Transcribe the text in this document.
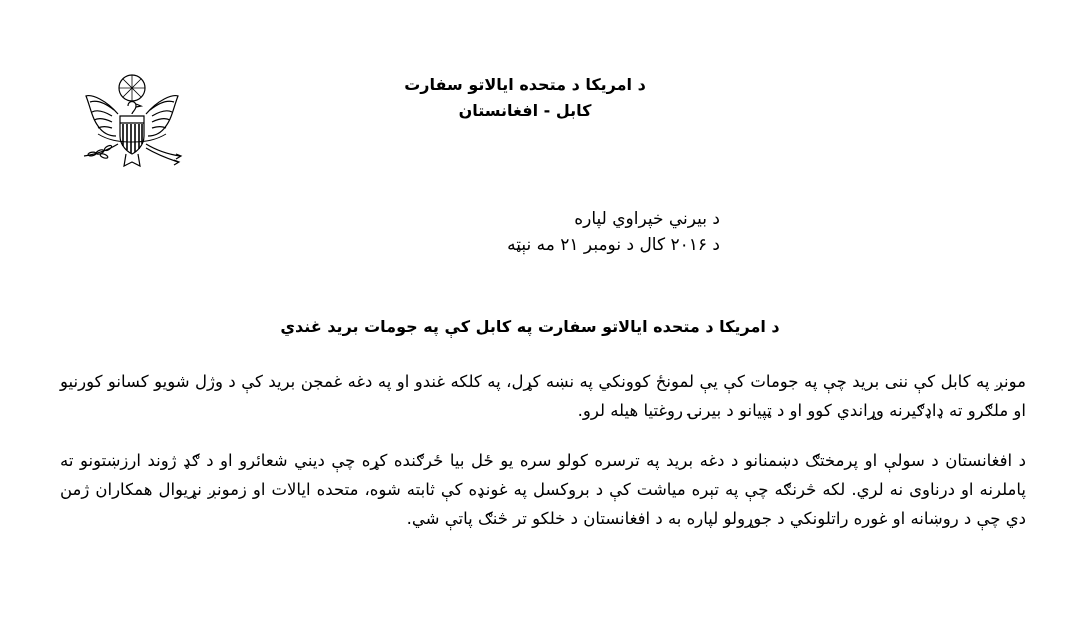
د امریکا د متحده ایالاتو سفارت
کابل - افغانستان
د بیرني خپراوي لپاره
د ۲۰۱۶ کال د نومبر ۲۱ مه نېټه
د امریکا د متحده ایالاتو سفارت په کابل کې په جومات برید غندي
مونږ په کابل کې ننی برید چې په جومات کې یې لمونځ کوونکي په نښه کړل، په کلکه غندو او په دغه غمجن برید کې د وژل شویو کسانو کورنیو او ملګرو ته ډاډګیرنه وړاندي کوو او د ټپیانو د بیرنۍ روغتیا هیله لرو.
د افغانستان د سولې او پرمختګ دښمنانو د دغه برید په ترسره کولو سره یو ځل بیا ځرګنده کړه چې دیني شعائرو او د ګډ ژوند ارزښتونو ته پاملرنه او درناوی نه لري. لکه څرنګه چې په تېره میاشت کې د بروکسل په غونډه کې ثابته شوه، متحده ایالات او زمونږ نړیوال همکاران ژمن دي چې د روښانه او غوره راتلونکي د جوړولو لپاره به د افغانستان د خلکو تر څنګ پاتې شي.
